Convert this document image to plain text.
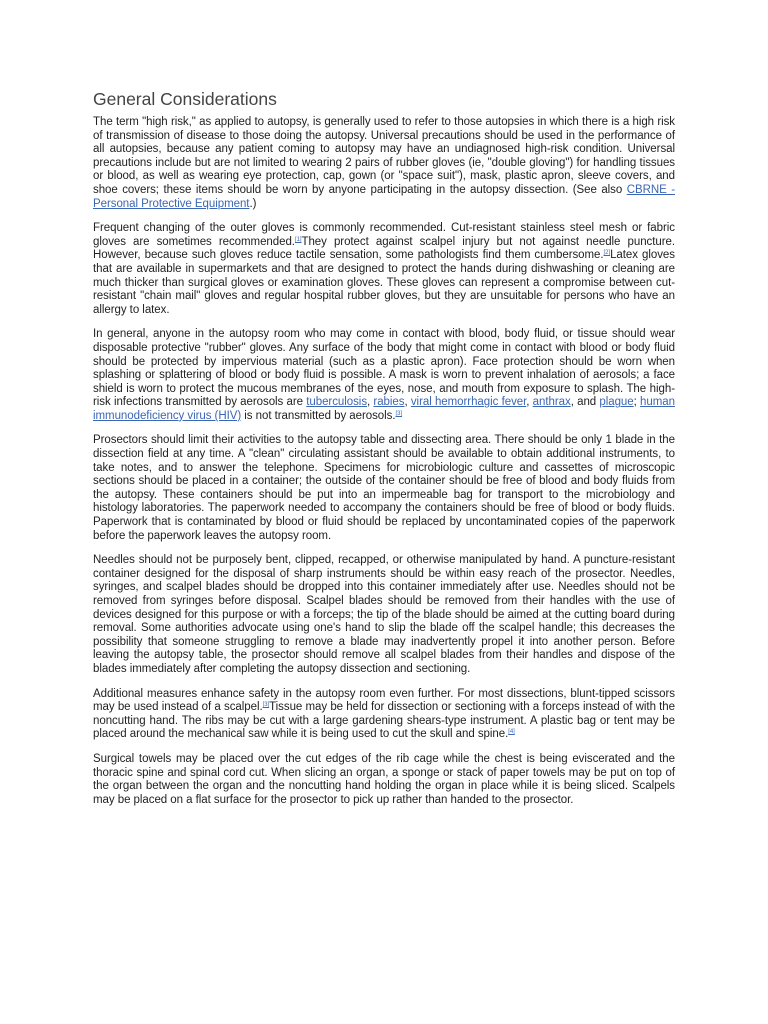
General Considerations

The term "high risk," as applied to autopsy, is generally used to refer to those autopsies in which there is a high risk of transmission of disease to those doing the autopsy. Universal precautions should be used in the performance of all autopsies, because any patient coming to autopsy may have an undiagnosed high-risk condition. Universal precautions include but are not limited to wearing 2 pairs of rubber gloves (ie, "double gloving") for handling tissues or blood, as well as wearing eye protection, cap, gown (or "space suit"), mask, plastic apron, sleeve covers, and shoe covers; these items should be worn by anyone participating in the autopsy dissection. (See also CBRNE - Personal Protective Equipment.)

Frequent changing of the outer gloves is commonly recommended. Cut-resistant stainless steel mesh or fabric gloves are sometimes recommended.[1]They protect against scalpel injury but not against needle puncture. However, because such gloves reduce tactile sensation, some pathologists find them cumbersome.[2]Latex gloves that are available in supermarkets and that are designed to protect the hands during dishwashing or cleaning are much thicker than surgical gloves or examination gloves. These gloves can represent a compromise between cut-resistant "chain mail" gloves and regular hospital rubber gloves, but they are unsuitable for persons who have an allergy to latex.

In general, anyone in the autopsy room who may come in contact with blood, body fluid, or tissue should wear disposable protective "rubber" gloves. Any surface of the body that might come in contact with blood or body fluid should be protected by impervious material (such as a plastic apron). Face protection should be worn when splashing or splattering of blood or body fluid is possible. A mask is worn to prevent inhalation of aerosols; a face shield is worn to protect the mucous membranes of the eyes, nose, and mouth from exposure to splash. The high-risk infections transmitted by aerosols are tuberculosis, rabies, viral hemorrhagic fever, anthrax, and plague; human immunodeficiency virus (HIV) is not transmitted by aerosols.[3]

Prosectors should limit their activities to the autopsy table and dissecting area. There should be only 1 blade in the dissection field at any time. A "clean" circulating assistant should be available to obtain additional instruments, to take notes, and to answer the telephone. Specimens for microbiologic culture and cassettes of microscopic sections should be placed in a container; the outside of the container should be free of blood and body fluids from the autopsy. These containers should be put into an impermeable bag for transport to the microbiology and histology laboratories. The paperwork needed to accompany the containers should be free of blood or body fluids. Paperwork that is contaminated by blood or fluid should be replaced by uncontaminated copies of the paperwork before the paperwork leaves the autopsy room.

Needles should not be purposely bent, clipped, recapped, or otherwise manipulated by hand. A puncture-resistant container designed for the disposal of sharp instruments should be within easy reach of the prosector. Needles, syringes, and scalpel blades should be dropped into this container immediately after use. Needles should not be removed from syringes before disposal. Scalpel blades should be removed from their handles with the use of devices designed for this purpose or with a forceps; the tip of the blade should be aimed at the cutting board during removal. Some authorities advocate using one's hand to slip the blade off the scalpel handle; this decreases the possibility that someone struggling to remove a blade may inadvertently propel it into another person. Before leaving the autopsy table, the prosector should remove all scalpel blades from their handles and dispose of the blades immediately after completing the autopsy dissection and sectioning.

Additional measures enhance safety in the autopsy room even further. For most dissections, blunt-tipped scissors may be used instead of a scalpel.[3]Tissue may be held for dissection or sectioning with a forceps instead of with the noncutting hand. The ribs may be cut with a large gardening shears-type instrument. A plastic bag or tent may be placed around the mechanical saw while it is being used to cut the skull and spine.[4]

Surgical towels may be placed over the cut edges of the rib cage while the chest is being eviscerated and the thoracic spine and spinal cord cut. When slicing an organ, a sponge or stack of paper towels may be put on top of the organ between the organ and the noncutting hand holding the organ in place while it is being sliced. Scalpels may be placed on a flat surface for the prosector to pick up rather than handed to the prosector.
